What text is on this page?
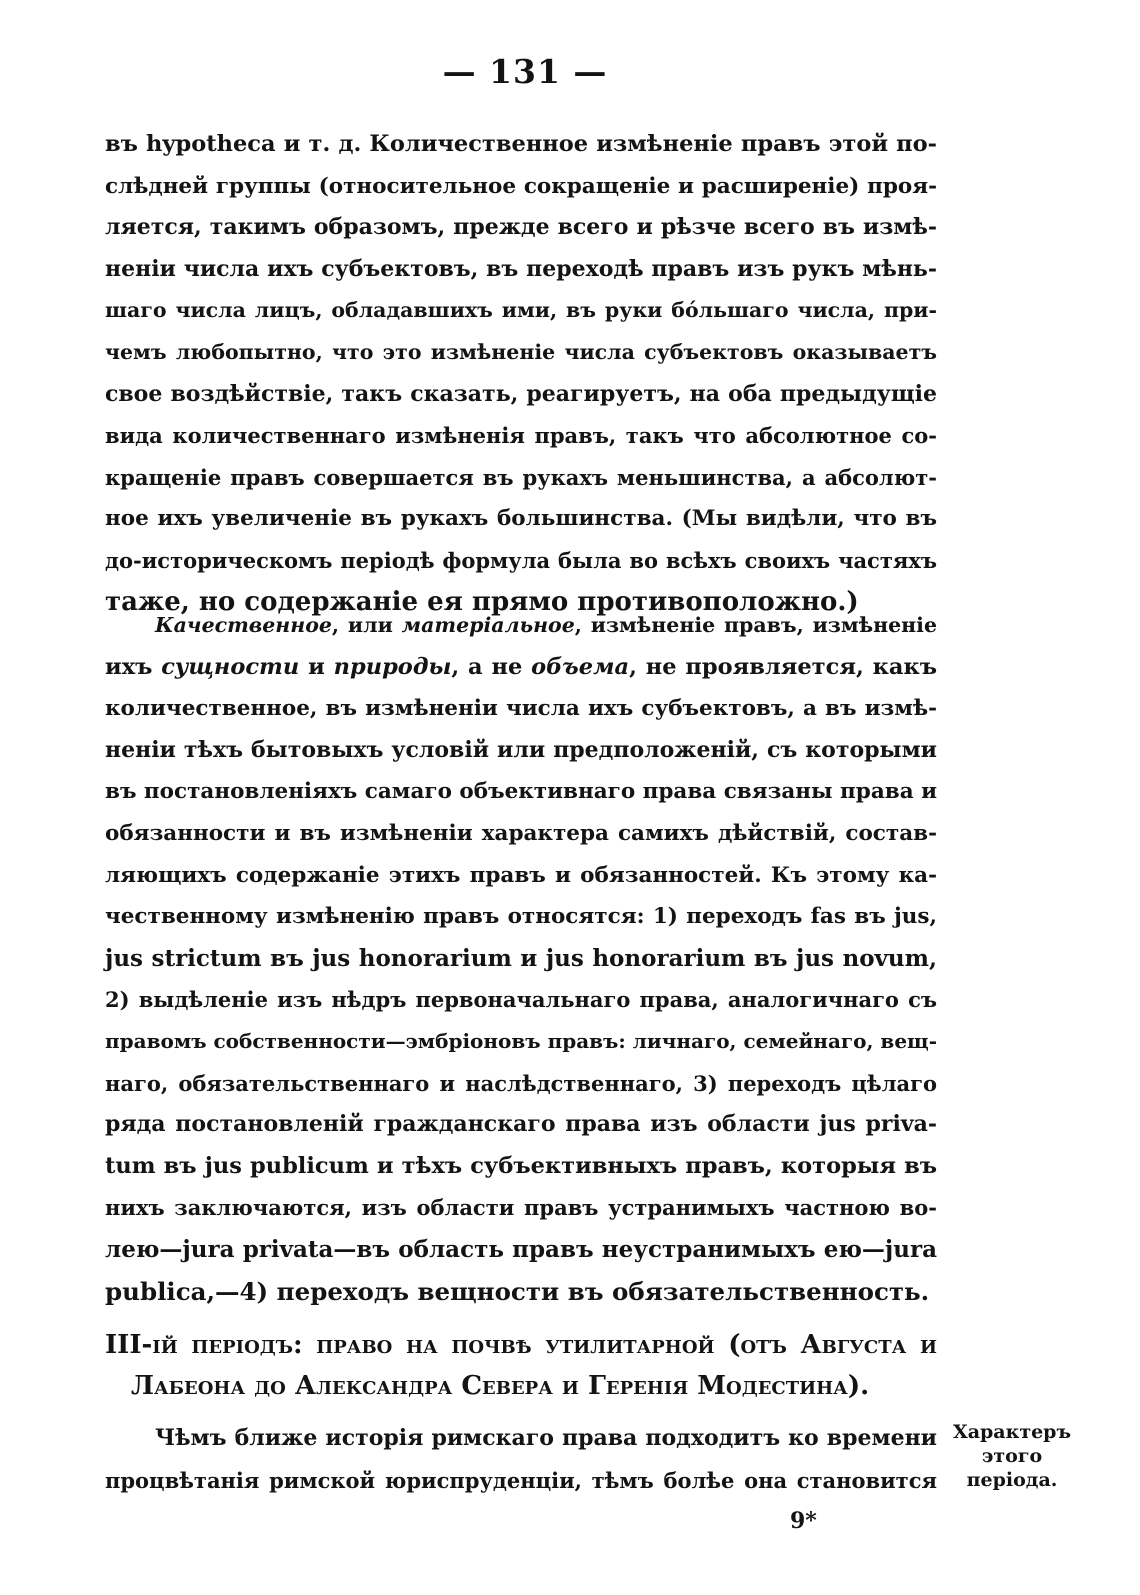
— 131 —
въ hypotheca и т. д. Количественное измѣненіе правъ этой по-
слѣдней группы (относительное сокращеніе и расширеніе) проя-
ляется, такимъ образомъ, прежде всего и рѣзче всего въ измѣ-
неніи числа ихъ субъектовъ, въ переходѣ правъ изъ рукъ мѣнь-
шаго числа лицъ, обладавшихъ ими, въ руки бóльшаго числа, при-
чемъ любопытно, что это измѣненіе числа субъектовъ оказываетъ
свое воздѣйствіе, такъ сказать, реагируетъ, на оба предыдущіе
вида количественнаго измѣненія правъ, такъ что абсолютное со-
кращеніе правъ совершается въ рукахъ меньшинства, а абсолют-
ное ихъ увеличеніе въ рукахъ большинства. (Мы видѣли, что въ
до-историческомъ періодѣ формула была во всѣхъ своихъ частяхъ
таже, но содержаніе ея прямо противоположно.)
Качественное, или матеріальное, измѣненіе правъ, измѣненіе
ихъ сущности и природы, а не объема, не проявляется, какъ
количественное, въ измѣненіи числа ихъ субъектовъ, а въ измѣ-
неніи тѣхъ бытовыхъ условій или предположеній, съ которыми
въ постановленіяхъ самаго объективнаго права связаны права и
обязанности и въ измѣненіи характера самихъ дѣйствій, состав-
ляющихъ содержаніе этихъ правъ и обязанностей. Къ этому ка-
чественному измѣненію правъ относятся: 1) переходъ fas въ jus,
jus strictum въ jus honorarium и jus honorarium въ jus novum,
2) выдѣленіе изъ нѣдръ первоначальнаго права, аналогичнаго съ
правомъ собственности—эмбріоновъ правъ: личнаго, семейнаго, вещ-
наго, обязательственнаго и наслѣдственнаго, 3) переходъ цѣлаго
ряда постановленій гражданскаго права изъ области jus priva-
tum въ jus publicum и тѣхъ субъективныхъ правъ, которыя въ
нихъ заключаются, изъ области правъ устранимыхъ частною во-
лею—jura privata—въ область правъ неустранимыхъ ею—jura
publica,—4) переходъ вещности въ обязательственность.
III-ій періодъ: право на почвѣ утилитарной (отъ Августа и
Лабеона до Александра Севера и Геренія Модестина).
Чѣмъ ближе исторія римскаго права подходитъ ко времени
процвѣтанія римской юриспруденціи, тѣмъ болѣе она становится
Характеръ
этого періода.
9*
